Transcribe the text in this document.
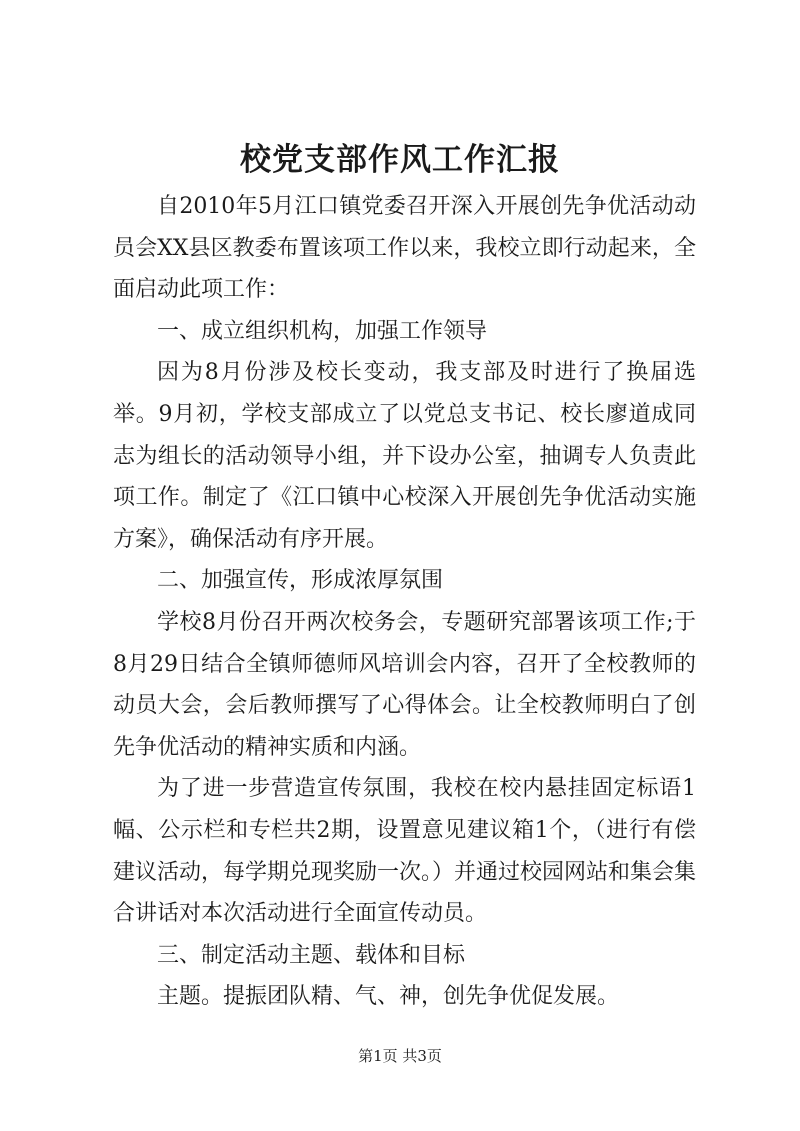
校党支部作风工作汇报

自2010年5月江口镇党委召开深入开展创先争优活动动员会XX县区教委布置该项工作以来，我校立即行动起来，全面启动此项工作：

一、成立组织机构，加强工作领导

因为8月份涉及校长变动，我支部及时进行了换届选举。9月初，学校支部成立了以党总支书记、校长廖道成同志为组长的活动领导小组，并下设办公室，抽调专人负责此项工作。制定了《江口镇中心校深入开展创先争优活动实施方案》，确保活动有序开展。

二、加强宣传，形成浓厚氛围

学校8月份召开两次校务会，专题研究部署该项工作;于8月29日结合全镇师德师风培训会内容，召开了全校教师的动员大会，会后教师撰写了心得体会。让全校教师明白了创先争优活动的精神实质和内涵。

为了进一步营造宣传氛围，我校在校内悬挂固定标语1幅、公示栏和专栏共2期，设置意见建议箱1个，（进行有偿建议活动，每学期兑现奖励一次。）并通过校园网站和集会集合讲话对本次活动进行全面宣传动员。

三、制定活动主题、载体和目标

主题。提振团队精、气、神，创先争优促发展。

第1页 共3页
